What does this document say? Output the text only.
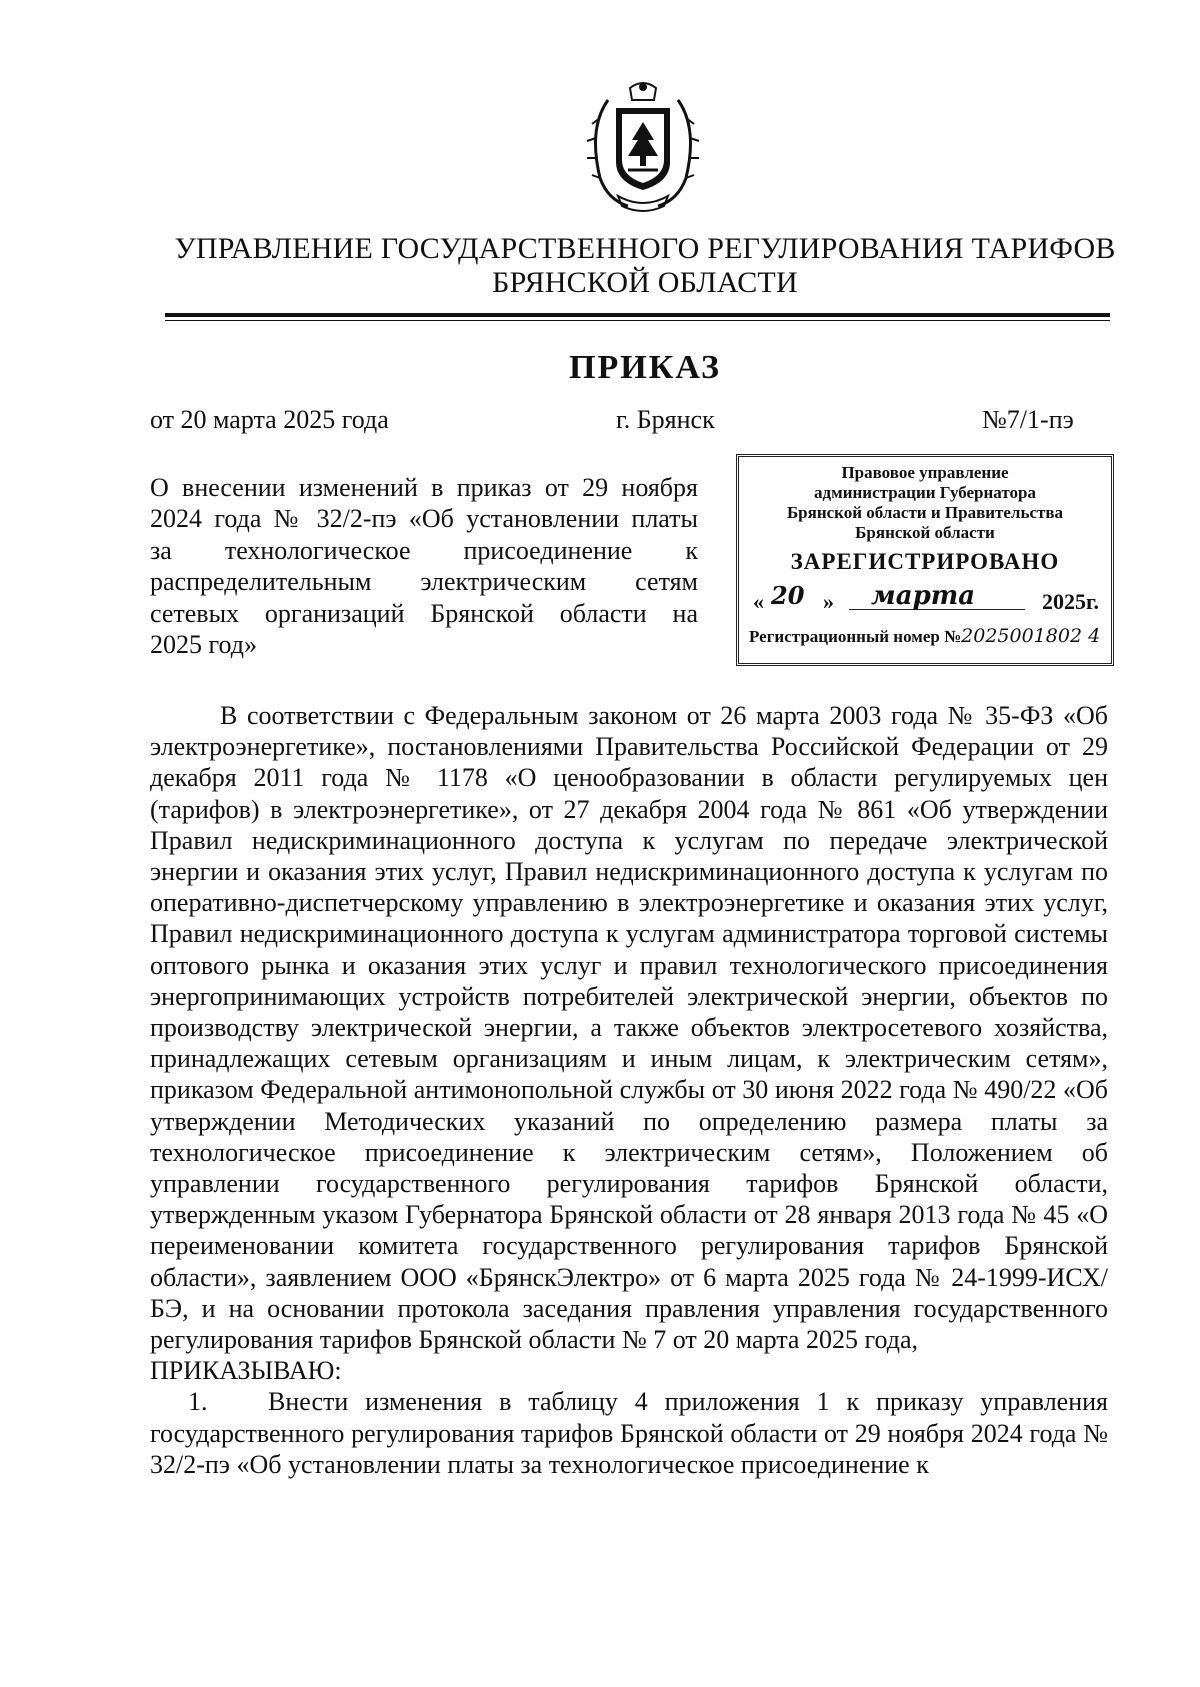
УПРАВЛЕНИЕ ГОСУДАРСТВЕННОГО РЕГУЛИРОВАНИЯ ТАРИФОВ
БРЯНСКОЙ ОБЛАСТИ
ПРИКАЗ
от 20 марта 2025 года	г. Брянск	№7/1-пэ
О внесении изменений в приказ от 29 ноября
2024 года № 32/2-пэ «Об установлении платы
за технологическое присоединение к
распределительным электрическим сетям
сетевых организаций Брянской области на
2025 год»
Правовое управление
администрации Губернатора
Брянской области и Правительства
Брянской области
ЗАРЕГИСТРИРОВАНО
« 20 » марта	2025г.
Регистрационный номер №2025001802 4

В соответствии с Федеральным законом от 26 марта 2003 года № 35-ФЗ «Об электроэнергетике», постановлениями Правительства Российской Федерации от 29 декабря 2011 года № 1178 «О ценообразовании в области регулируемых цен (тарифов) в электроэнергетике», от 27 декабря 2004 года № 861 «Об утверждении Правил недискриминационного доступа к услугам по передаче электрической энергии и оказания этих услуг, Правил недискриминационного доступа к услугам по оперативно-диспетчерскому управлению в электроэнергетике и оказания этих услуг, Правил недискриминационного доступа к услугам администратора торговой системы оптового рынка и оказания этих услуг и правил технологического присоединения энергопринимающих устройств потребителей электрической энергии, объектов по производству электрической энергии, а также объектов электросетевого хозяйства, принадлежащих сетевым организациям и иным лицам, к электрическим сетям», приказом Федеральной антимонопольной службы от 30 июня 2022 года № 490/22 «Об утверждении Методических указаний по определению размера платы за технологическое присоединение к электрическим сетям», Положением об управлении государственного регулирования тарифов Брянской области, утвержденным указом Губернатора Брянской области от 28 января 2013 года № 45 «О переименовании комитета государственного регулирования тарифов Брянской области», заявлением ООО «БрянскЭлектро» от 6 марта 2025 года № 24-1999-ИСХ/БЭ, и на основании протокола заседания правления управления государственного регулирования тарифов Брянской области № 7 от 20 марта 2025 года,

ПРИКАЗЫВАЮ:

1. Внести изменения в таблицу 4 приложения 1 к приказу управления государственного регулирования тарифов Брянской области от 29 ноября 2024 года № 32/2-пэ «Об установлении платы за технологическое присоединение к
